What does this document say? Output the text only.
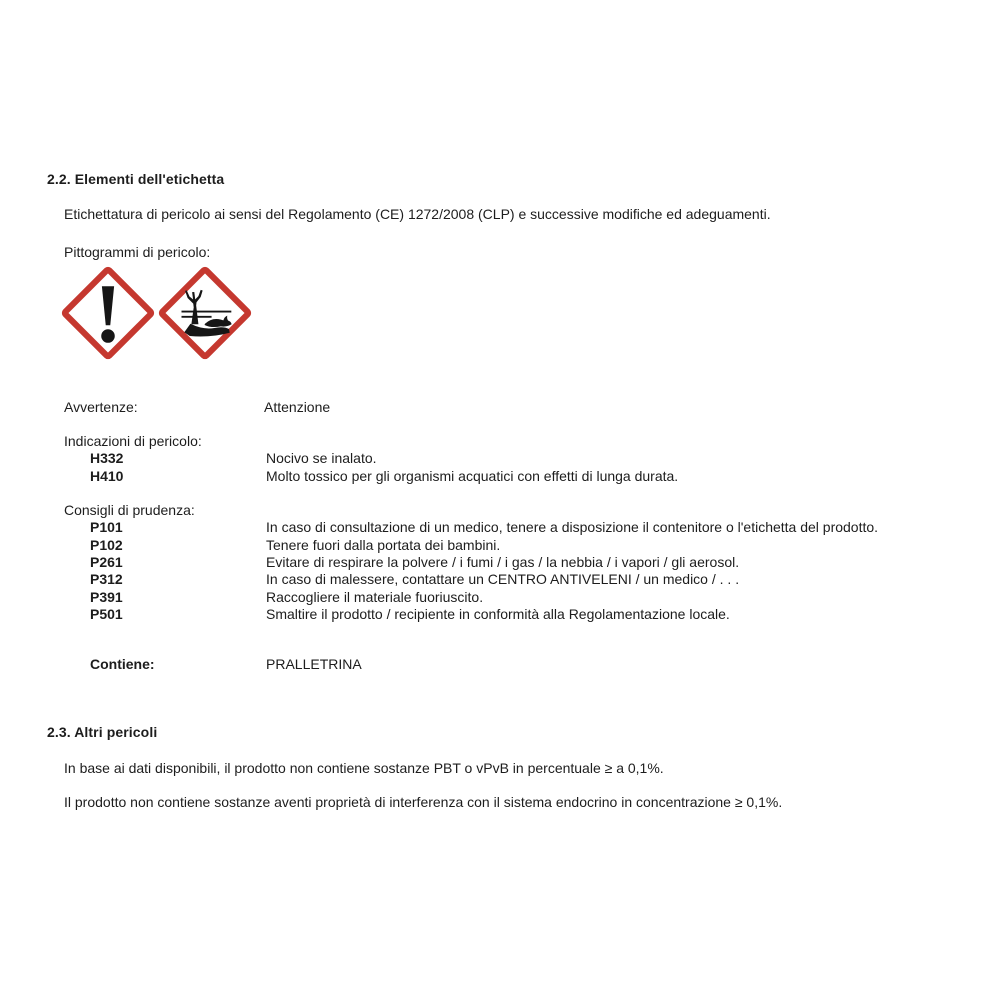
2.2. Elementi dell'etichetta
Etichettatura di pericolo ai sensi del Regolamento (CE) 1272/2008 (CLP) e successive modifiche ed adeguamenti.
Pittogrammi di pericolo:
Avvertenze:	Attenzione
Indicazioni di pericolo:
H332	Nocivo se inalato.
H410	Molto tossico per gli organismi acquatici con effetti di lunga durata.
Consigli di prudenza:
P101	In caso di consultazione di un medico, tenere a disposizione il contenitore o l'etichetta del prodotto.
P102	Tenere fuori dalla portata dei bambini.
P261	Evitare di respirare la polvere / i fumi / i gas / la nebbia / i vapori / gli aerosol.
P312	In caso di malessere, contattare un CENTRO ANTIVELENI / un medico / . . .
P391	Raccogliere il materiale fuoriuscito.
P501	Smaltire il prodotto / recipiente in conformità alla Regolamentazione locale.
Contiene:	PRALLETRINA
2.3. Altri pericoli
In base ai dati disponibili, il prodotto non contiene sostanze PBT o vPvB in percentuale ≥ a 0,1%.
Il prodotto non contiene sostanze aventi proprietà di interferenza con il sistema endocrino in concentrazione ≥ 0,1%.
